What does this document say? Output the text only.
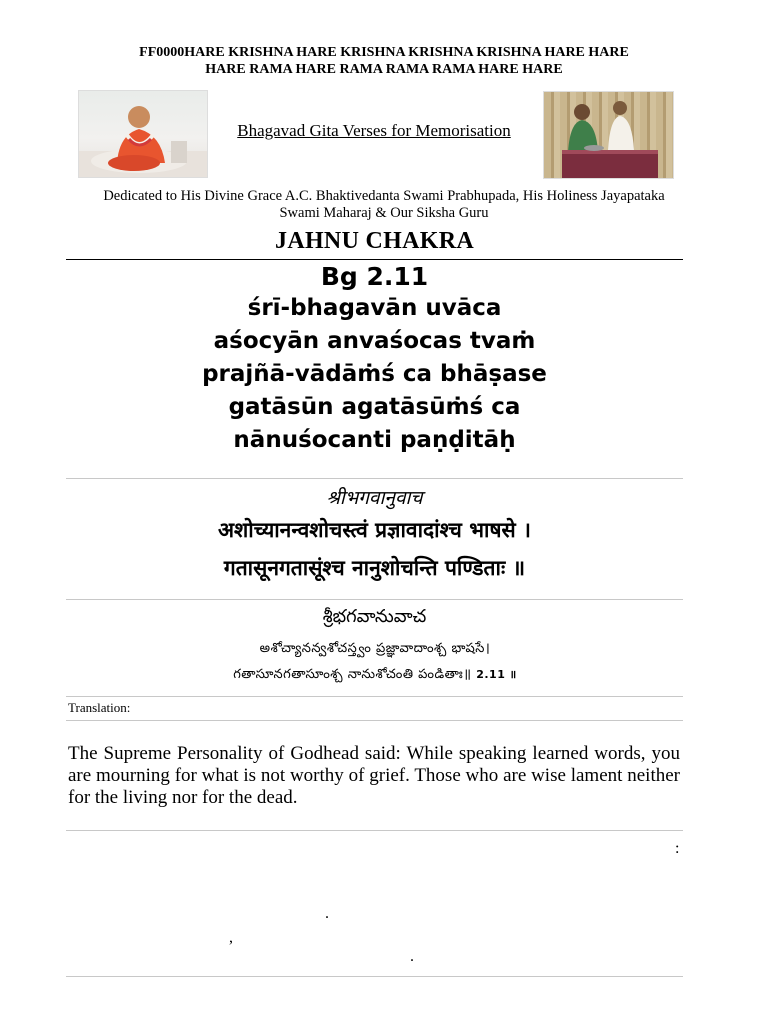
FF0000HARE KRISHNA HARE KRISHNA KRISHNA KRISHNA HARE HARE
HARE RAMA HARE RAMA RAMA RAMA HARE HARE
Bhagavad Gita Verses for Memorisation
Dedicated to His Divine Grace A.C. Bhaktivedanta Swami Prabhupada, His Holiness Jayapataka
Swami Maharaj & Our Siksha Guru
JAHNU CHAKRA
Bg 2.11
śrī-bhagavān uvāca
aśocyān anvaśocas tvaṁ
prajñā-vādāṁś ca bhāṣase
gatāsūn agatāsūṁś ca
nānuśocanti paṇḍitāḥ
श्रीभगवानुवाच
अशोच्यानन्वशोचस्त्वं प्रज्ञावादांश्च भाषसे ।
गतासूनगतासूंश्च नानुशोचन्ति पण्डिताः ॥
శ్రీభగవానువాచ
అశోచ్యానన్వశోచస్త్వం ప్రజ్ఞావాదాంశ్చ భాషసే।
గతాసూనగతాసూంశ్చ నానుశోచంతి పండితాః॥ 2.11 ॥
Translation:
The Supreme Personality of Godhead said: While speaking learned words, you are mourning for what is not worthy of grief. Those who are wise lament neither for the living nor for the dead.
:
.
,
.
